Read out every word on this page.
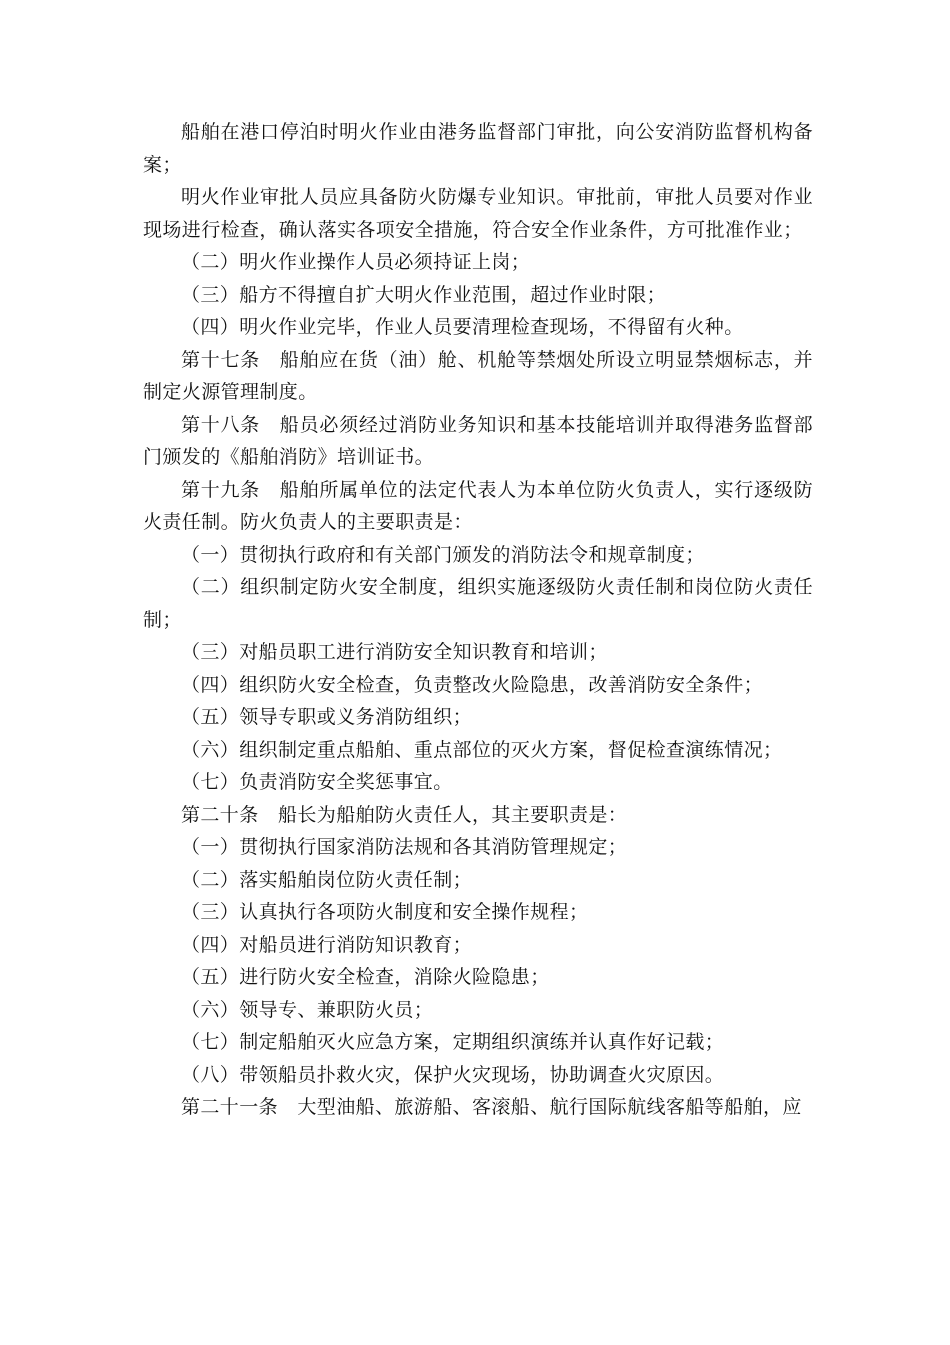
船舶在港口停泊时明火作业由港务监督部门审批，向公安消防监督机构备案；

明火作业审批人员应具备防火防爆专业知识。审批前，审批人员要对作业现场进行检查，确认落实各项安全措施，符合安全作业条件，方可批准作业；

（二）明火作业操作人员必须持证上岗；

（三）船方不得擅自扩大明火作业范围，超过作业时限；

（四）明火作业完毕，作业人员要清理检查现场，不得留有火种。

第十七条　船舶应在货（油）舱、机舱等禁烟处所设立明显禁烟标志，并制定火源管理制度。

第十八条　船员必须经过消防业务知识和基本技能培训并取得港务监督部门颁发的《船舶消防》培训证书。

第十九条　船舶所属单位的法定代表人为本单位防火负责人，实行逐级防火责任制。防火负责人的主要职责是：

（一）贯彻执行政府和有关部门颁发的消防法令和规章制度；

（二）组织制定防火安全制度，组织实施逐级防火责任制和岗位防火责任制；

（三）对船员职工进行消防安全知识教育和培训；

（四）组织防火安全检查，负责整改火险隐患，改善消防安全条件；

（五）领导专职或义务消防组织；

（六）组织制定重点船舶、重点部位的灭火方案，督促检查演练情况；

（七）负责消防安全奖惩事宜。

第二十条　船长为船舶防火责任人，其主要职责是：

（一）贯彻执行国家消防法规和各其消防管理规定；

（二）落实船舶岗位防火责任制；

（三）认真执行各项防火制度和安全操作规程；

（四）对船员进行消防知识教育；

（五）进行防火安全检查，消除火险隐患；

（六）领导专、兼职防火员；

（七）制定船舶灭火应急方案，定期组织演练并认真作好记载；

（八）带领船员扑救火灾，保护火灾现场，协助调查火灾原因。

第二十一条　大型油船、旅游船、客滚船、航行国际航线客船等船舶，应
